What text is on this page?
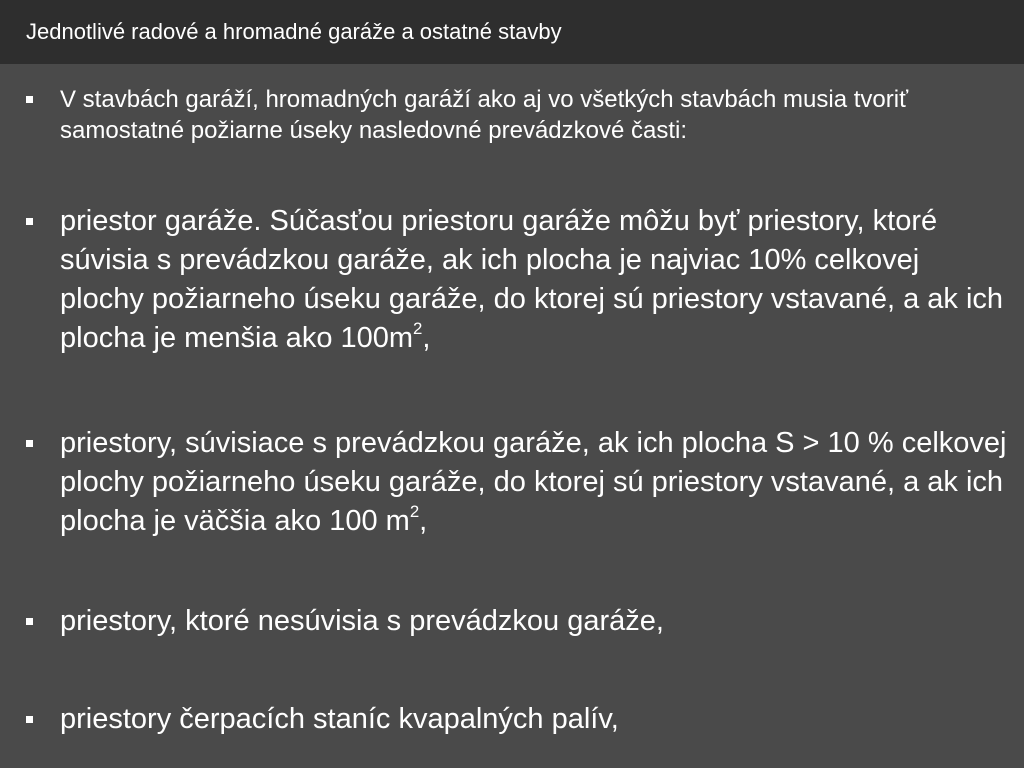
Jednotlivé radové a hromadné garáže a ostatné stavby
V stavbách garáží, hromadných garáží ako aj vo všetkých stavbách musia tvoriť samostatné požiarne úseky nasledovné prevádzkové časti:
priestor garáže. Súčasťou priestoru garáže môžu byť priestory, ktoré súvisia s prevádzkou garáže, ak ich plocha je najviac 10% celkovej plochy požiarneho úseku garáže, do ktorej sú priestory vstavané, a ak ich plocha je menšia ako $100m^2$,
priestory, súvisiace s prevádzkou garáže, ak ich plocha S > 10 % celkovej plochy požiarneho úseku garáže, do ktorej sú priestory vstavané, a ak ich plocha je väčšia ako 100 $m^2$,
priestory, ktoré nesúvisia s prevádzkou garáže,
priestory čerpacích staníc kvapalných palív,
